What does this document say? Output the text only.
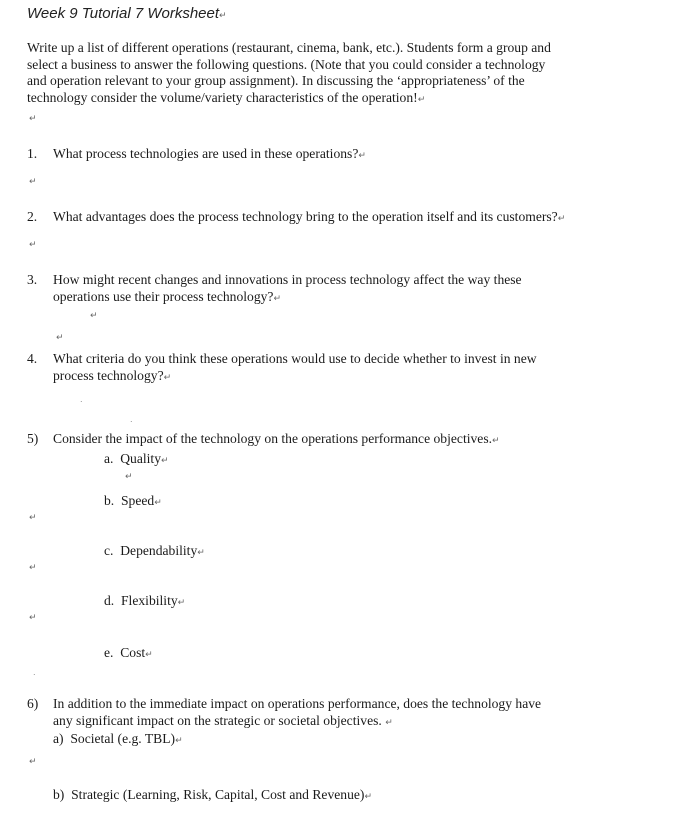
Week 9 Tutorial 7 Worksheet↵
Write up a list of different operations (restaurant, cinema, bank, etc.). Students form a group and
select a business to answer the following questions. (Note that you could consider a technology
and operation relevant to your group assignment). In discussing the ‘appropriateness’ of the
technology consider the volume/variety characteristics of the operation!↵
↵
1. What process technologies are used in these operations?↵
↵
2. What advantages does the process technology bring to the operation itself and its customers?↵
↵
3. How might recent changes and innovations in process technology affect the way these
operations use their process technology?↵
↵
↵
4. What criteria do you think these operations would use to decide whether to invest in new
process technology?↵
.
.
5) Consider the impact of the technology on the operations performance objectives.↵
a. Quality↵
↵
b. Speed↵
↵
c. Dependability↵
↵
d. Flexibility↵
↵
e. Cost↵
.
6) In addition to the immediate impact on operations performance, does the technology have
any significant impact on the strategic or societal objectives. ↵
a) Societal (e.g. TBL)↵
↵
b) Strategic (Learning, Risk, Capital, Cost and Revenue)↵
